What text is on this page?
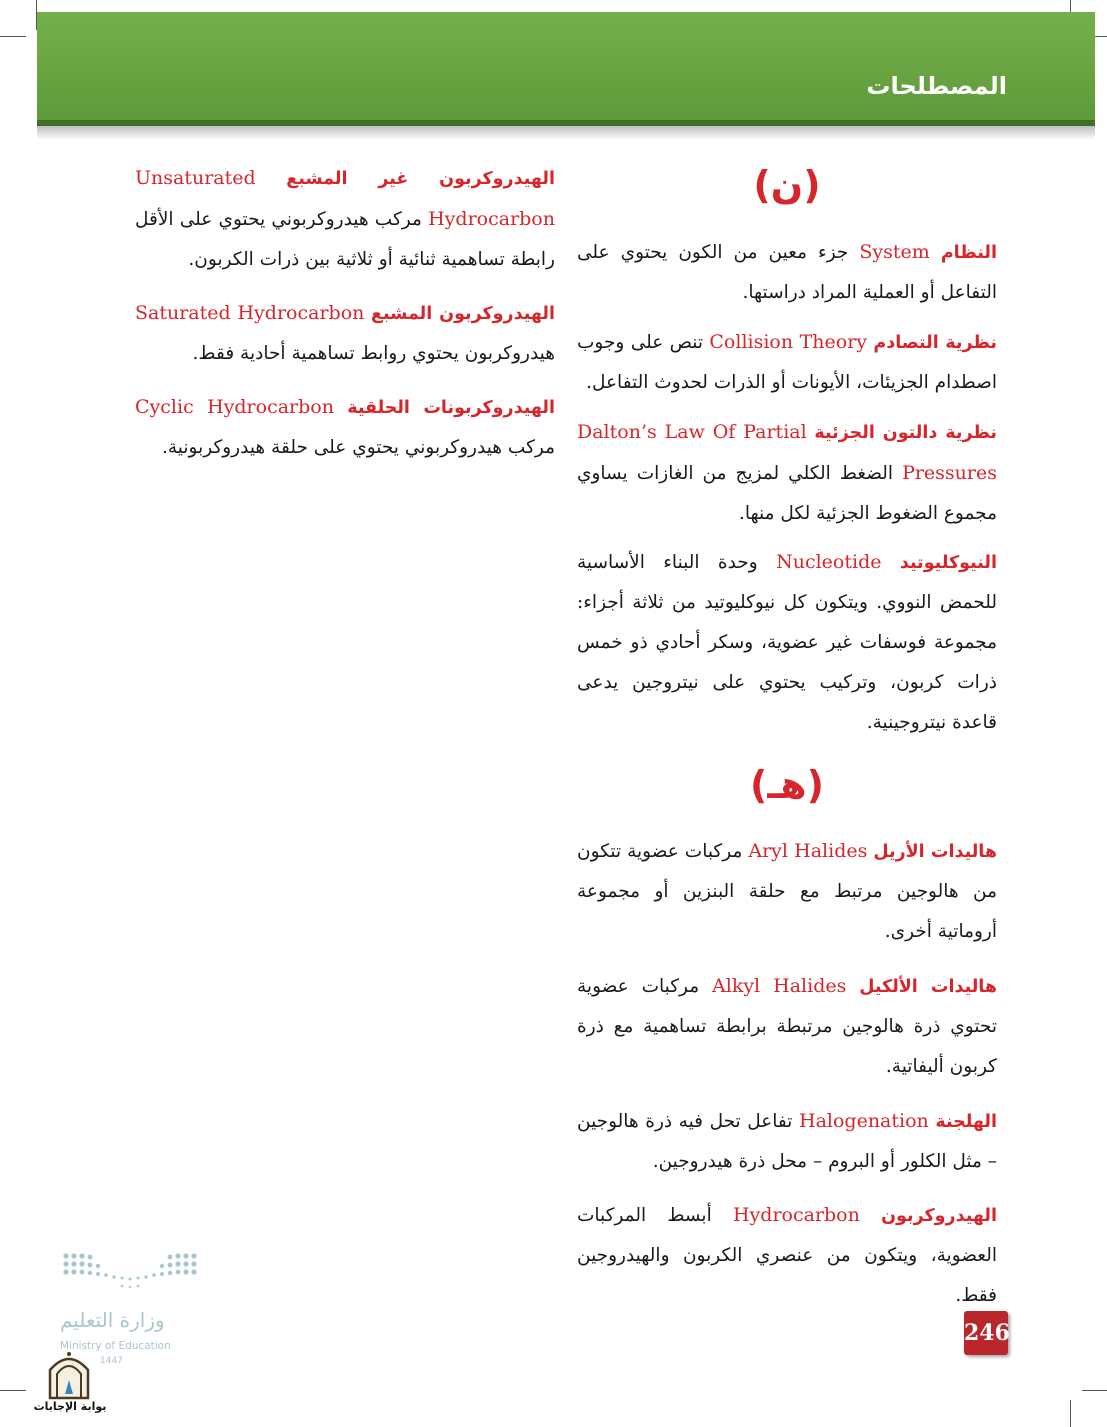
المصطلحات
(ن)
النظام System جزء معين من الكون يحتوي على التفاعل أو العملية المراد دراستها.
نظرية التصادم Collision Theory تنص على وجوب اصطدام الجزيئات، الأيونات أو الذرات لحدوث التفاعل.
نظرية دالتون الجزئية Dalton’s Law Of Partial Pressures الضغط الكلي لمزيج من الغازات يساوي مجموع الضغوط الجزئية لكل منها.
النيوكليوتيد Nucleotide وحدة البناء الأساسية للحمض النووي. ويتكون كل نيوكليوتيد من ثلاثة أجزاء: مجموعة فوسفات غير عضوية، وسكر أحادي ذو خمس ذرات كربون، وتركيب يحتوي على نيتروجين يدعى قاعدة نيتروجينية.
(هـ)
هاليدات الأريل Aryl Halides مركبات عضوية تتكون من هالوجين مرتبط مع حلقة البنزين أو مجموعة أروماتية أخرى.
هاليدات الألكيل Alkyl Halides مركبات عضوية تحتوي ذرة هالوجين مرتبطة برابطة تساهمية مع ذرة كربون أليفاتية.
الهلجنة Halogenation تفاعل تحل فيه ذرة هالوجين – مثل الكلور أو البروم – محل ذرة هيدروجين.
الهيدروكربون Hydrocarbon أبسط المركبات العضوية، ويتكون من عنصري الكربون والهيدروجين فقط.
الهيدروكربون غير المشبع Unsaturated Hydrocarbon مركب هيدروكربوني يحتوي على الأقل رابطة تساهمية ثنائية أو ثلاثية بين ذرات الكربون.
الهيدروكربون المشبع Saturated Hydrocarbon هيدروكربون يحتوي روابط تساهمية أحادية فقط.
الهيدروكربونات الحلقية Cyclic Hydrocarbon مركب هيدروكربوني يحتوي على حلقة هيدروكربونية.
وزارة التعليم
Ministry of Education
1447
بوابة الإجابات
246
